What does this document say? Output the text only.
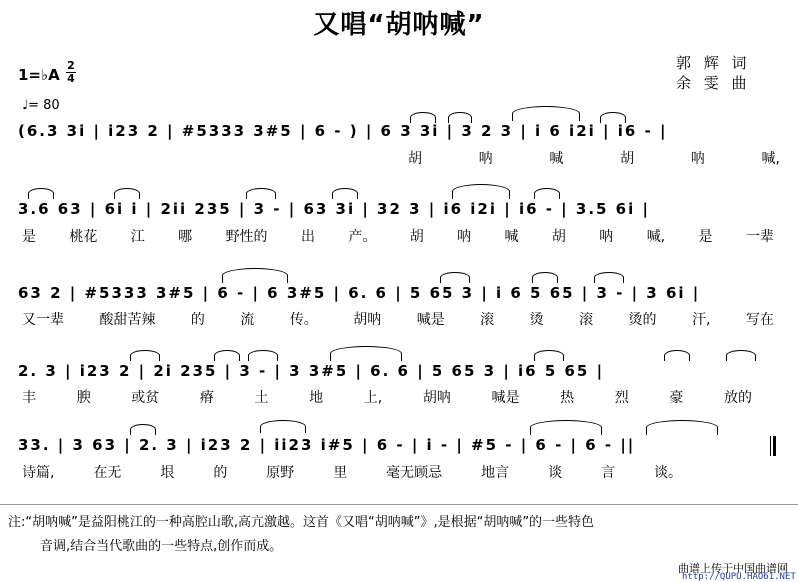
又唱“胡呐喊”
郭 辉 词
余 雯 曲
1=♭A
2
4
♩= 80
(6.3 3i | i23 2 | #5333 3#5 | 6 - ) | 6 3 3i | 3 2 3 | i 6 i2i | i6 - |
胡	呐	喊	胡	呐	喊,
3.6 63 | 6i i | 2ii 235 | 3 - | 63 3i | 32 3 | i6 i2i | i6 - | 3.5 6i |
是 桃花 江 哪 野性的 出 产。 胡 呐 喊 胡 呐 喊, 是 一辈
63 2 | #5333 3#5 | 6 - | 6 3#5 | 6. 6 | 5 65 3 | i 6 5 65 | 3 - | 3 6i |
又一辈	酸甜苦辣	的	流	传。	胡呐	喊是	滚	烫	滚	烫的	汗,	写在
2. 3 | i23 2 | 2i 235 | 3 - | 3 3#5 | 6. 6 | 5 65 3 | i6 5 65 |
丰	腴	或贫	瘠	土	地	上,	胡呐	喊是	热	烈	豪	放的
33. | 3 63 | 2. 3 | i23 2 | ii23 i#5 | 6 - | i - | #5 - | 6 - | 6 - ||
诗篇,	在无	垠	的	原野	里	毫无顾忌	地言	谈	言	谈。
注:“胡呐喊”是益阳桃江的一种高腔山歌,高亢激越。这首《又唱“胡呐喊”》,是根据“胡呐喊”的一些特色
音调,结合当代歌曲的一些特点,创作而成。
曲谱上传于中国曲谱网
http://QUPU.HAO61.NET
